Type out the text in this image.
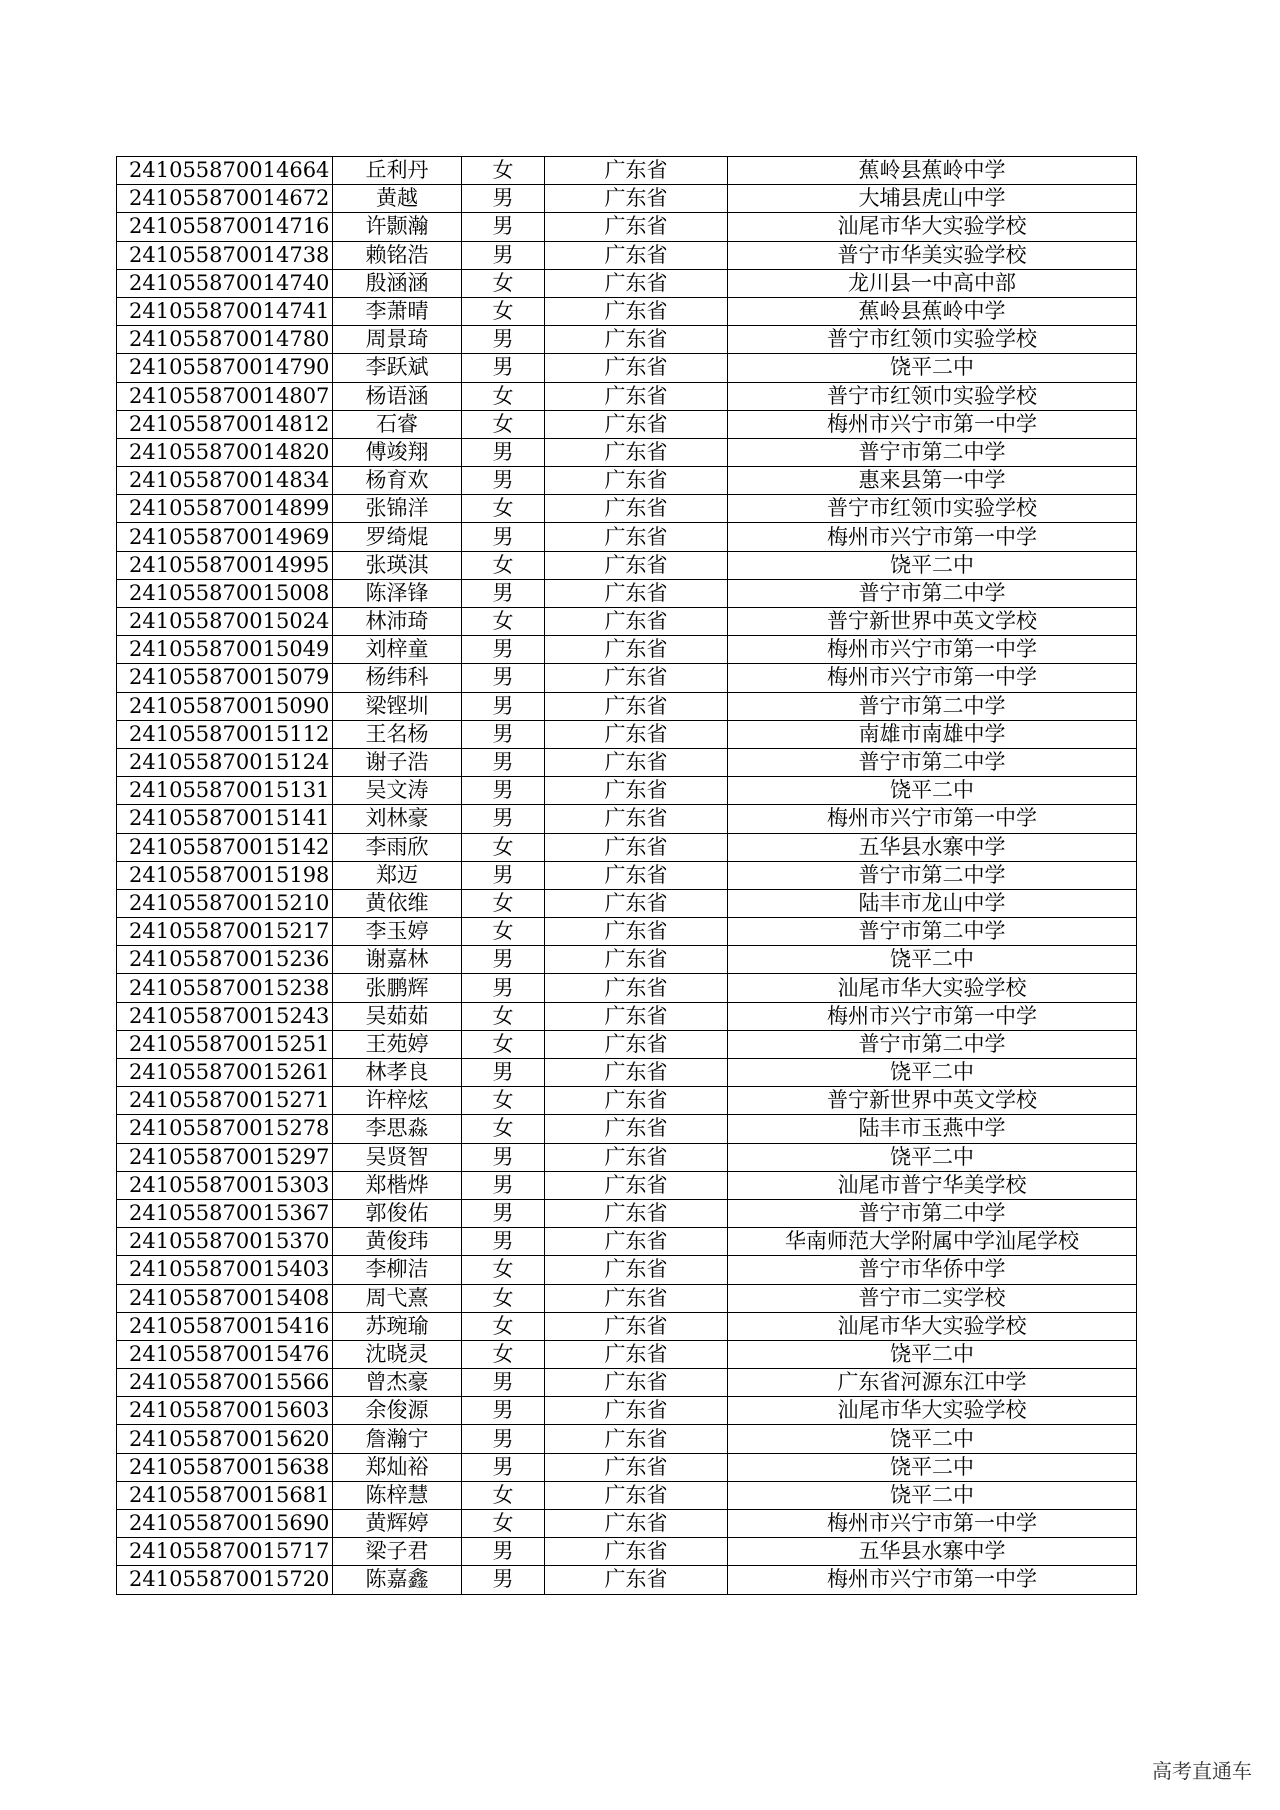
241055870014664	丘利丹	女	广东省	蕉岭县蕉岭中学
241055870014672	黄越	男	广东省	大埔县虎山中学
241055870014716	许颢瀚	男	广东省	汕尾市华大实验学校
241055870014738	赖铭浩	男	广东省	普宁市华美实验学校
241055870014740	殷涵涵	女	广东省	龙川县一中高中部
241055870014741	李萧晴	女	广东省	蕉岭县蕉岭中学
241055870014780	周景琦	男	广东省	普宁市红领巾实验学校
241055870014790	李跃斌	男	广东省	饶平二中
241055870014807	杨语涵	女	广东省	普宁市红领巾实验学校
241055870014812	石睿	女	广东省	梅州市兴宁市第一中学
241055870014820	傅竣翔	男	广东省	普宁市第二中学
241055870014834	杨育欢	男	广东省	惠来县第一中学
241055870014899	张锦洋	女	广东省	普宁市红领巾实验学校
241055870014969	罗绮焜	男	广东省	梅州市兴宁市第一中学
241055870014995	张瑛淇	女	广东省	饶平二中
241055870015008	陈泽锋	男	广东省	普宁市第二中学
241055870015024	林沛琦	女	广东省	普宁新世界中英文学校
241055870015049	刘梓童	男	广东省	梅州市兴宁市第一中学
241055870015079	杨纬科	男	广东省	梅州市兴宁市第一中学
241055870015090	梁铿圳	男	广东省	普宁市第二中学
241055870015112	王名杨	男	广东省	南雄市南雄中学
241055870015124	谢子浩	男	广东省	普宁市第二中学
241055870015131	吴文涛	男	广东省	饶平二中
241055870015141	刘林豪	男	广东省	梅州市兴宁市第一中学
241055870015142	李雨欣	女	广东省	五华县水寨中学
241055870015198	郑迈	男	广东省	普宁市第二中学
241055870015210	黄依维	女	广东省	陆丰市龙山中学
241055870015217	李玉婷	女	广东省	普宁市第二中学
241055870015236	谢嘉林	男	广东省	饶平二中
241055870015238	张鹏辉	男	广东省	汕尾市华大实验学校
241055870015243	吴茹茹	女	广东省	梅州市兴宁市第一中学
241055870015251	王苑婷	女	广东省	普宁市第二中学
241055870015261	林孝良	男	广东省	饶平二中
241055870015271	许梓炫	女	广东省	普宁新世界中英文学校
241055870015278	李思淼	女	广东省	陆丰市玉燕中学
241055870015297	吴贤智	男	广东省	饶平二中
241055870015303	郑楷烨	男	广东省	汕尾市普宁华美学校
241055870015367	郭俊佑	男	广东省	普宁市第二中学
241055870015370	黄俊玮	男	广东省	华南师范大学附属中学汕尾学校
241055870015403	李柳洁	女	广东省	普宁市华侨中学
241055870015408	周弋熹	女	广东省	普宁市二实学校
241055870015416	苏琬瑜	女	广东省	汕尾市华大实验学校
241055870015476	沈晓灵	女	广东省	饶平二中
241055870015566	曾杰豪	男	广东省	广东省河源东江中学
241055870015603	余俊源	男	广东省	汕尾市华大实验学校
241055870015620	詹瀚宁	男	广东省	饶平二中
241055870015638	郑灿裕	男	广东省	饶平二中
241055870015681	陈梓慧	女	广东省	饶平二中
241055870015690	黄辉婷	女	广东省	梅州市兴宁市第一中学
241055870015717	梁子君	男	广东省	五华县水寨中学
241055870015720	陈嘉鑫	男	广东省	梅州市兴宁市第一中学
高考直通车
